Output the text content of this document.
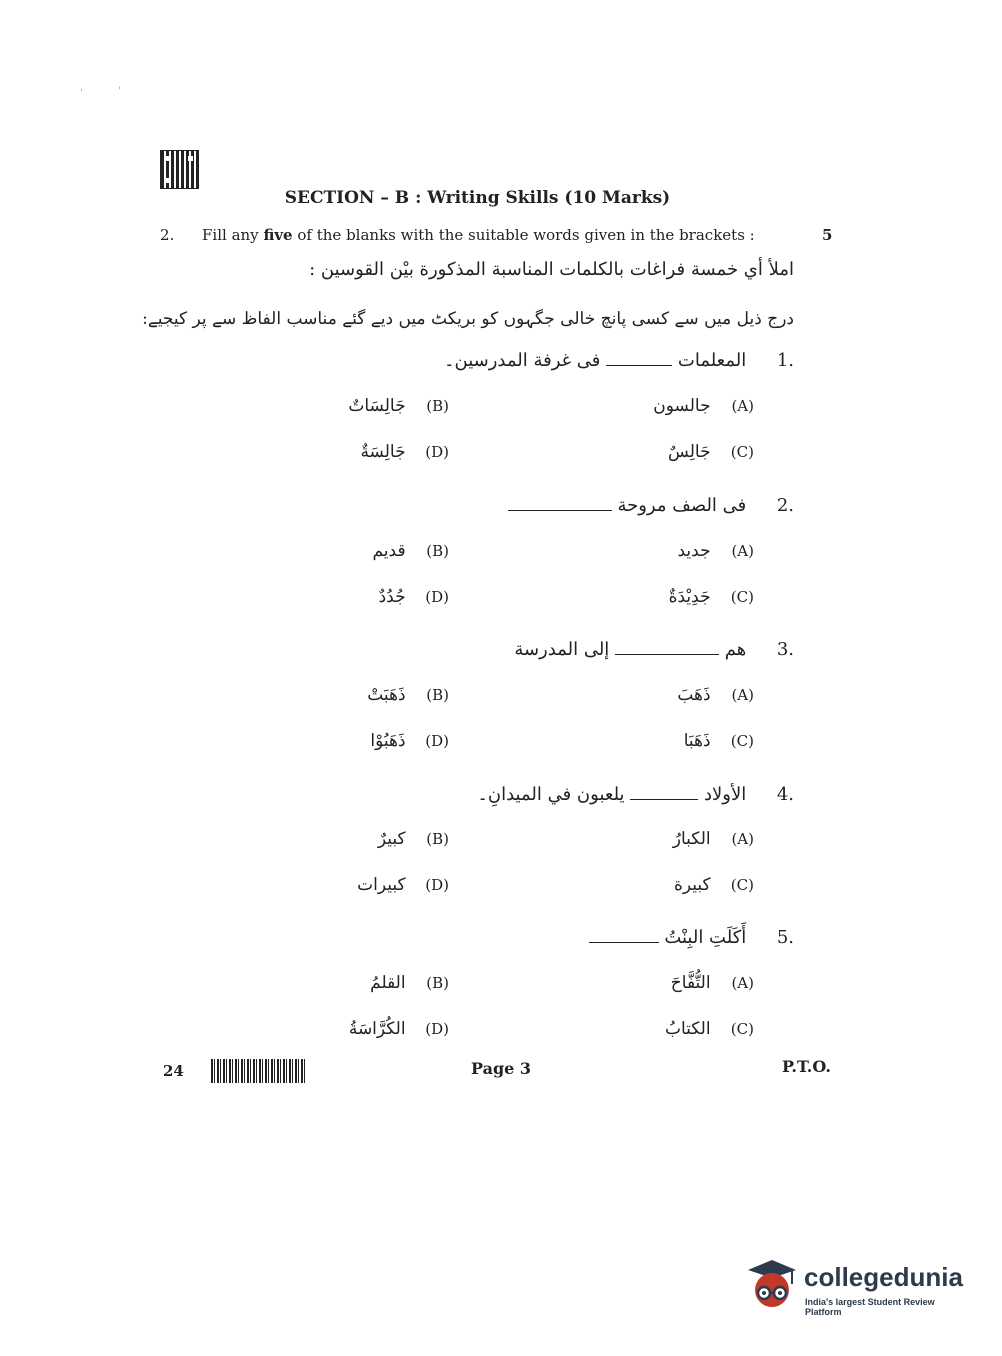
'	'
SECTION – B : Writing Skills (10 Marks)
2. Fill any five of the blanks with the suitable words given in the brackets :	5
املأ أي خمسة فراغات بالكلمات المناسبة المذكورة بيْن القوسين :
درج ذیل میں سے کسی پانچ خالی جگہوں کو بریکٹ میں دیے گئے مناسب الفاظ سے پر کیجیے:
.1 المعلمات  فی غرفة المدرسين۔
(A) جالسون
(B) جَالِسَاتٌ
(C) جَالِسٌ
(D) جَالِسَةٌ
.2 فی الصف مروحة
(A) جديد
(B) قديم
(C) جَدِيْدَةٌ
(D) جُدُدٌ
.3 هم  إلى المدرسة
(A) ذَهَبَ
(B) ذَهَبَتْ
(C) ذَهَبَا
(D) ذَهَبُوْا
.4 الأولاد  يلعبون في الميدانِ۔
(A) الكبارُ
(B) كبيرٌ
(C) كبيرة
(D) كبيرات
.5 أَكَلَتِ البِنْتُ
(A) التُّفَّاحَ
(B) القلمُ
(C) الكتابُ
(D) الكُرَّاسَةُ
24	Page 3	P.T.O.
collegedunia
India's largest Student Review Platform
